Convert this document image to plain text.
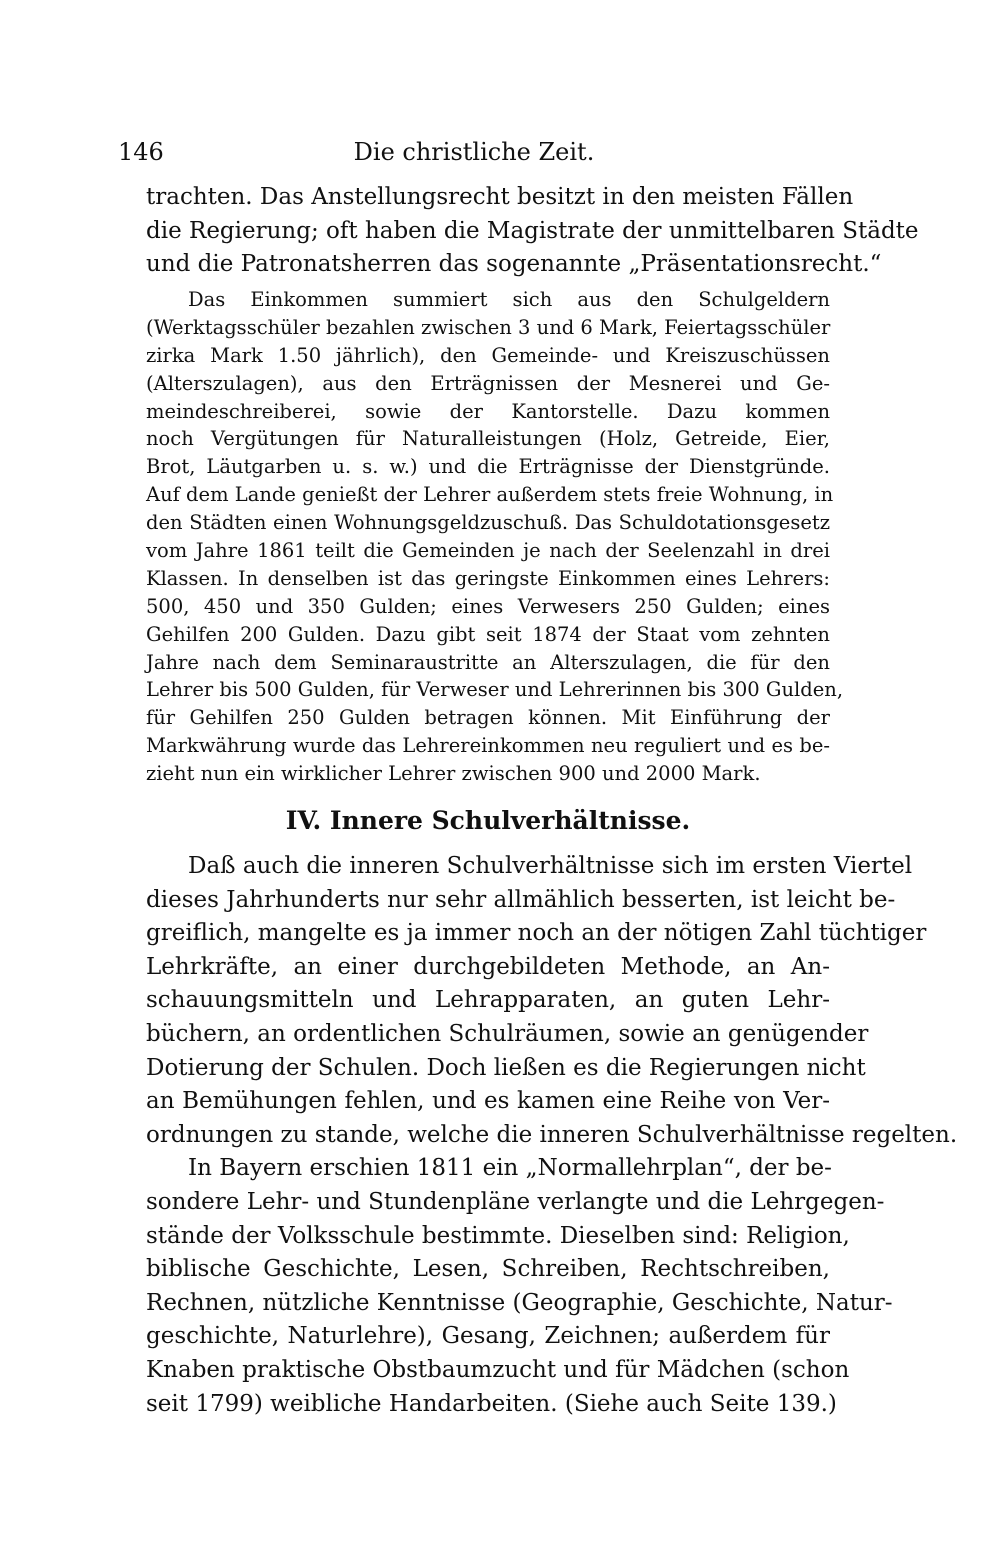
146	Die christliche Zeit.
trachten. Das Anstellungsrecht besitzt in den meisten Fällen
die Regierung; oft haben die Magistrate der unmittelbaren Städte
und die Patronatsherren das sogenannte „Präsentationsrecht.“
Das Einkommen summiert sich aus den Schulgeldern
(Werktagsschüler bezahlen zwischen 3 und 6 Mark, Feiertagsschüler
zirka Mark 1.50 jährlich), den Gemeinde- und Kreiszuschüssen
(Alterszulagen), aus den Erträgnissen der Mesnerei und Ge-
meindeschreiberei, sowie der Kantorstelle. Dazu kommen
noch Vergütungen für Naturalleistungen (Holz, Getreide, Eier,
Brot, Läutgarben u. s. w.) und die Erträgnisse der Dienstgründe.
Auf dem Lande genießt der Lehrer außerdem stets freie Wohnung, in
den Städten einen Wohnungsgeldzuschuß. Das Schuldotationsgesetz
vom Jahre 1861 teilt die Gemeinden je nach der Seelenzahl in drei
Klassen. In denselben ist das geringste Einkommen eines Lehrers:
500, 450 und 350 Gulden; eines Verwesers 250 Gulden; eines
Gehilfen 200 Gulden. Dazu gibt seit 1874 der Staat vom zehnten
Jahre nach dem Seminaraustritte an Alterszulagen, die für den
Lehrer bis 500 Gulden, für Verweser und Lehrerinnen bis 300 Gulden,
für Gehilfen 250 Gulden betragen können. Mit Einführung der
Markwährung wurde das Lehrereinkommen neu reguliert und es be-
zieht nun ein wirklicher Lehrer zwischen 900 und 2000 Mark.
IV. Innere Schulverhältnisse.
Daß auch die inneren Schulverhältnisse sich im ersten Viertel
dieses Jahrhunderts nur sehr allmählich besserten, ist leicht be-
greiflich, mangelte es ja immer noch an der nötigen Zahl tüchtiger
Lehrkräfte, an einer durchgebildeten Methode, an An-
schauungsmitteln und Lehrapparaten, an guten Lehr-
büchern, an ordentlichen Schulräumen, sowie an genügender
Dotierung der Schulen. Doch ließen es die Regierungen nicht
an Bemühungen fehlen, und es kamen eine Reihe von Ver-
ordnungen zu stande, welche die inneren Schulverhältnisse regelten.
In Bayern erschien 1811 ein „Normallehrplan“, der be-
sondere Lehr- und Stundenpläne verlangte und die Lehrgegen-
stände der Volksschule bestimmte. Dieselben sind: Religion,
biblische Geschichte, Lesen, Schreiben, Rechtschreiben,
Rechnen, nützliche Kenntnisse (Geographie, Geschichte, Natur-
geschichte, Naturlehre), Gesang, Zeichnen; außerdem für
Knaben praktische Obstbaumzucht und für Mädchen (schon
seit 1799) weibliche Handarbeiten. (Siehe auch Seite 139.)
